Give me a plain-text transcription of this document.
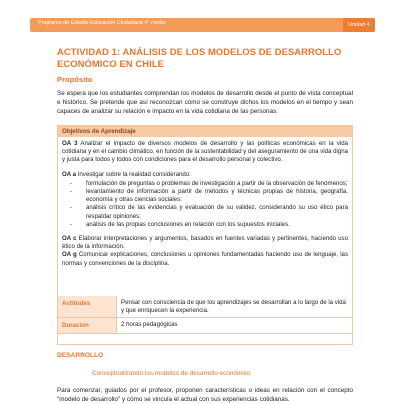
Programa de Estudio Educación Ciudadana 4° medio	Unidad 4
ACTIVIDAD 1: ANÁLISIS DE LOS MODELOS DE DESARROLLO ECONÓMICO EN CHILE
Propósito
Se espera que los estudiantes comprendan los modelos de desarrollo desde el punto de vista conceptual e histórico. Se pretende que así reconozcan cómo se construye dichos los modelos en el tiempo y sean capaces de analizar su relación e impacto en la vida cotidiana de las personas.
Objetivos de Aprendizaje

OA 3 Analizar el impacto de diversos modelos de desarrollo y las políticas económicas en la vida cotidiana y en el cambio climático, en función de la sustentabilidad y del aseguramiento de una vida digna y justa para todos y todos con condiciones para el desarrollo personal y colectivo.

OA a Investigar sobre la realidad considerando:

- formulación de preguntas o problemas de investigación a partir de la observación de fenómenos;
- levantamiento de información a partir de métodos y técnicas propias de historia, geografía, economía y otras ciencias sociales;
- análisis crítico de las evidencias y evaluación de su validez, considerando su uso ético para respaldar opiniones;
- análisis de las propias conclusiones en relación con los supuestos iniciales.

OA c Elaborar interpretaciones y argumentos, basados en fuentes variadas y pertinentes, haciendo uso ético de la información.

OA g Comunicar explicaciones, conclusiones u opiniones fundamentadas haciendo uso de lenguaje, las normas y convenciones de la disciplina.

Actitudes	Pensar con consciencia de que los aprendizajes se desarrollan a lo largo de la vida y que enriquecen la experiencia.
Duración	2 horas pedagógicas
DESARROLLO
Conceptualizando los modelos de desarrollo económico
Para comenzar, guiados por el profesor, proponen características o ideas en relación con el concepto "modelo de desarrollo" y cómo se vincula el actual con sus experiencias cotidianas.
